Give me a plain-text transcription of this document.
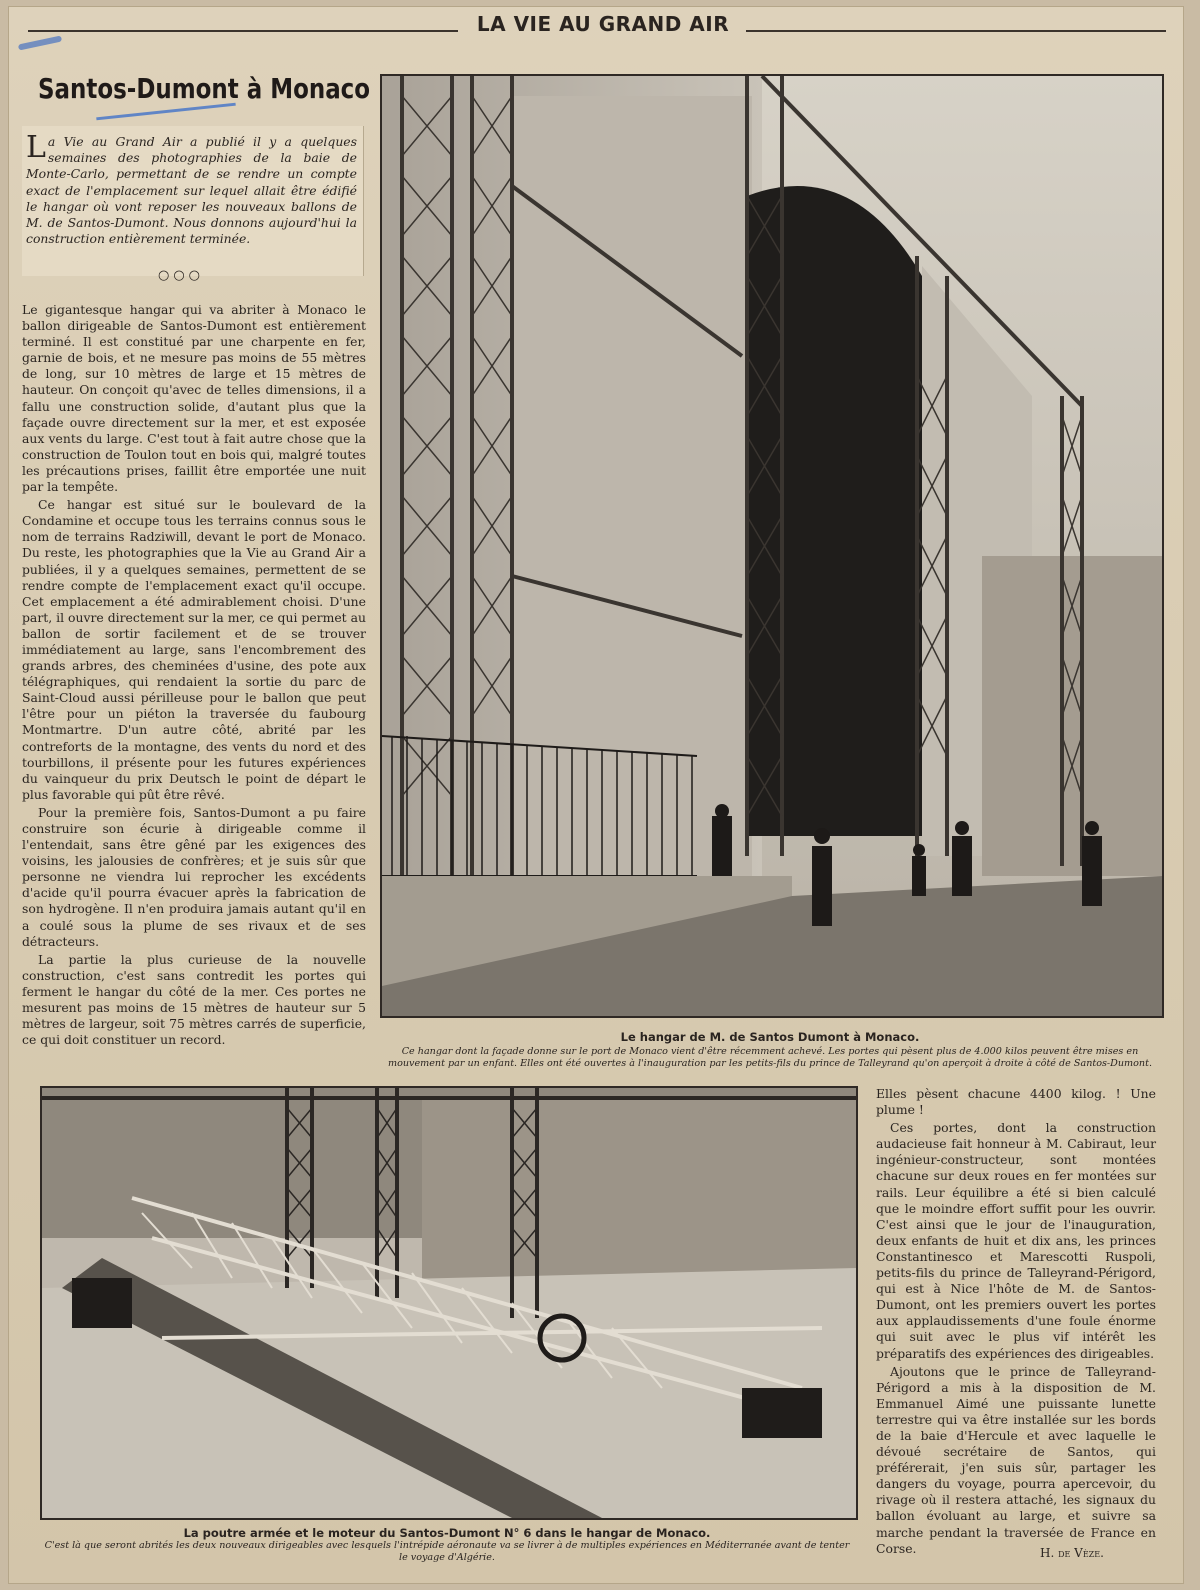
LA VIE AU GRAND AIR
Santos-Dumont à Monaco
La Vie au Grand Air a publié il y a quelques semaines des photographies de la baie de Monte-Carlo, permettant de se rendre un compte exact de l'emplacement sur lequel allait être édifié le hangar où vont reposer les nouveaux ballons de M. de Santos-Dumont. Nous donnons aujourd'hui la construction entièrement terminée.
○○○

Le gigantesque hangar qui va abriter à Monaco le ballon dirigeable de Santos-Dumont est entièrement terminé. Il est constitué par une charpente en fer, garnie de bois, et ne mesure pas moins de 55 mètres de long, sur 10 mètres de large et 15 mètres de hauteur. On conçoit qu'avec de telles dimensions, il a fallu une construction solide, d'autant plus que la façade ouvre directement sur la mer, et est exposée aux vents du large. C'est tout à fait autre chose que la construction de Toulon tout en bois qui, malgré toutes les précautions prises, faillit être emportée une nuit par la tempête.

Ce hangar est situé sur le boulevard de la Condamine et occupe tous les terrains connus sous le nom de terrains Radziwill, devant le port de Monaco. Du reste, les photographies que la Vie au Grand Air a publiées, il y a quelques semaines, permettent de se rendre compte de l'emplacement exact qu'il occupe. Cet emplacement a été admirablement choisi. D'une part, il ouvre directement sur la mer, ce qui permet au ballon de sortir facilement et de se trouver immédiatement au large, sans l'encombrement des grands arbres, des cheminées d'usine, des pote aux télégraphiques, qui rendaient la sortie du parc de Saint-Cloud aussi périlleuse pour le ballon que peut l'être pour un piéton la traversée du faubourg Montmartre. D'un autre côté, abrité par les contreforts de la montagne, des vents du nord et des tourbillons, il présente pour les futures expériences du vainqueur du prix Deutsch le point de départ le plus favorable qui pût être rêvé.

Pour la première fois, Santos-Dumont a pu faire construire son écurie à dirigeable comme il l'entendait, sans être gêné par les exigences des voisins, les jalousies de confrères; et je suis sûr que personne ne viendra lui reprocher les excédents d'acide qu'il pourra évacuer après la fabrication de son hydrogène. Il n'en produira jamais autant qu'il en a coulé sous la plume de ses rivaux et de ses détracteurs.

La partie la plus curieuse de la nouvelle construction, c'est sans contredit les portes qui ferment le hangar du côté de la mer. Ces portes ne mesurent pas moins de 15 mètres de hauteur sur 5 mètres de largeur, soit 75 mètres carrés de superficie, ce qui doit constituer un record.	Le hangar de M. de Santos Dumont à Monaco.
Ce hangar dont la façade donne sur le port de Monaco vient d'être récemment achevé. Les portes qui pèsent plus de 4.000 kilos peuvent être mises en mouvement par un enfant. Elles ont été ouvertes à l'inauguration par les petits-fils du prince de Talleyrand qu'on aperçoit à droite à côté de Santos-Dumont.
La poutre armée et le moteur du Santos-Dumont N° 6 dans le hangar de Monaco.
C'est là que seront abrités les deux nouveaux dirigeables avec lesquels l'intrépide aéronaute va se livrer à de multiples expériences en Méditerranée avant de tenter le voyage d'Algérie.

Elles pèsent chacune 4400 kilog. ! Une plume !

Ces portes, dont la construction audacieuse fait honneur à M. Cabiraut, leur ingénieur-constructeur, sont montées chacune sur deux roues en fer montées sur rails. Leur équilibre a été si bien calculé que le moindre effort suffit pour les ouvrir. C'est ainsi que le jour de l'inauguration, deux enfants de huit et dix ans, les princes Constantinesco et Marescotti Ruspoli, petits-fils du prince de Talleyrand-Périgord, qui est à Nice l'hôte de M. de Santos-Dumont, ont les premiers ouvert les portes aux applaudissements d'une foule énorme qui suit avec le plus vif intérêt les préparatifs des expériences des dirigeables.

Ajoutons que le prince de Talleyrand-Périgord a mis à la disposition de M. Emmanuel Aimé une puissante lunette terrestre qui va être installée sur les bords de la baie d'Hercule et avec laquelle le dévoué secrétaire de Santos, qui préférerait, j'en suis sûr, partager les dangers du voyage, pourra apercevoir, du rivage où il restera attaché, les signaux du ballon évoluant au large, et suivre sa marche pendant la traversée de France en Corse.	H. de Vèze.
